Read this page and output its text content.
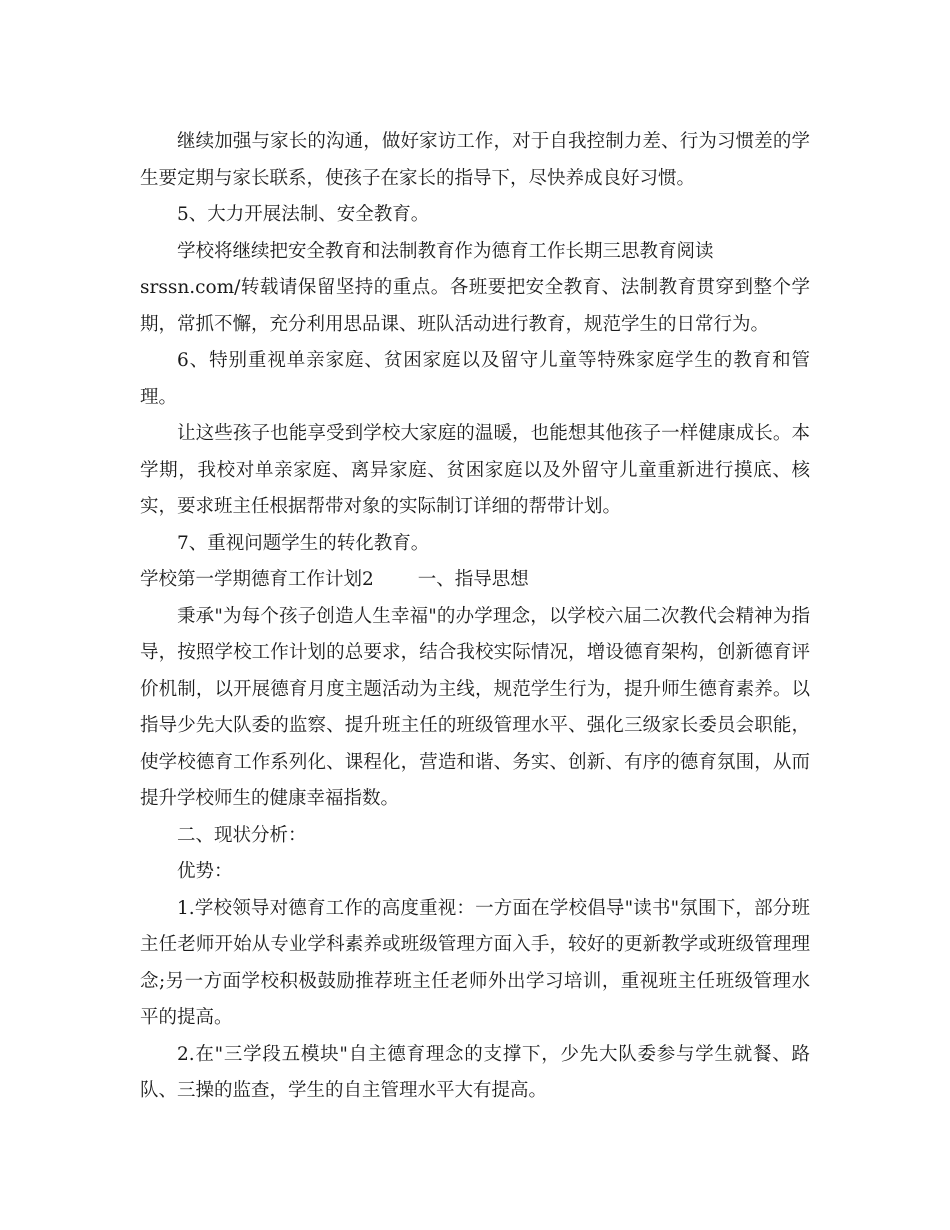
继续加强与家长的沟通，做好家访工作，对于自我控制力差、行为习惯差的学生要定期与家长联系，使孩子在家长的指导下，尽快养成良好习惯。

5、大力开展法制、安全教育。

学校将继续把安全教育和法制教育作为德育工作长期三思教育阅读

srssn.com/转载请保留坚持的重点。各班要把安全教育、法制教育贯穿到整个学期，常抓不懈，充分利用思品课、班队活动进行教育，规范学生的日常行为。

6、特别重视单亲家庭、贫困家庭以及留守儿童等特殊家庭学生的教育和管理。

让这些孩子也能享受到学校大家庭的温暖，也能想其他孩子一样健康成长。本学期，我校对单亲家庭、离异家庭、贫困家庭以及外留守儿童重新进行摸底、核实，要求班主任根据帮带对象的实际制订详细的帮带计划。

7、重视问题学生的转化教育。

学校第一学期德育工作计划2 一、指导思想

秉承"为每个孩子创造人生幸福"的办学理念，以学校六届二次教代会精神为指导，按照学校工作计划的总要求，结合我校实际情况，增设德育架构，创新德育评价机制，以开展德育月度主题活动为主线，规范学生行为，提升师生德育素养。以指导少先大队委的监察、提升班主任的班级管理水平、强化三级家长委员会职能，使学校德育工作系列化、课程化，营造和谐、务实、创新、有序的德育氛围，从而提升学校师生的健康幸福指数。

二、现状分析：

优势：

1.学校领导对德育工作的高度重视：一方面在学校倡导"读书"氛围下，部分班主任老师开始从专业学科素养或班级管理方面入手，较好的更新教学或班级管理理念;另一方面学校积极鼓励推荐班主任老师外出学习培训，重视班主任班级管理水平的提高。

2.在"三学段五模块"自主德育理念的支撑下，少先大队委参与学生就餐、路队、三操的监查，学生的自主管理水平大有提高。
